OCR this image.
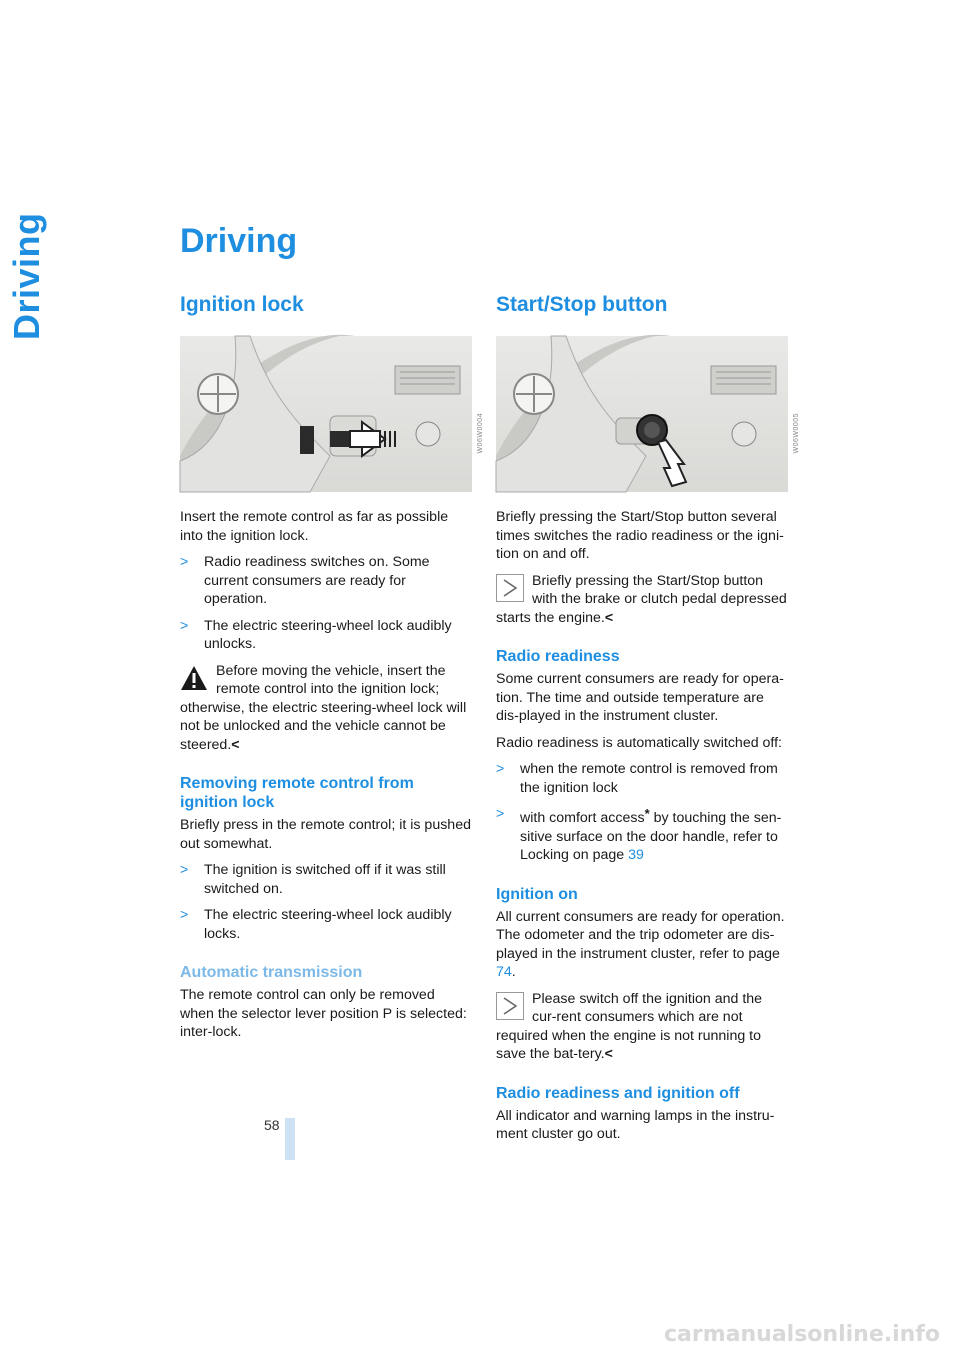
Driving	Driving
Ignition lock
W06W0004

Insert the remote control as far as possible into the ignition lock.

>	Radio readiness switches on. Some current consumers are ready for operation.
>	The electric steering-wheel lock audibly unlocks.
Before moving the vehicle, insert the remote control into the ignition lock; otherwise, the electric steering-wheel lock will not be unlocked and the vehicle cannot be steered.<
Removing remote control from ignition lock

Briefly press in the remote control; it is pushed out somewhat.

>	The ignition is switched off if it was still switched on.
>	The electric steering-wheel lock audibly locks.
Automatic transmission

The remote control can only be removed when the selector lever position P is selected: inter-lock.

Start/Stop button
W06W0005

Briefly pressing the Start/Stop button several times switches the radio readiness or the igni-tion on and off.

Briefly pressing the Start/Stop button with the brake or clutch pedal depressed starts the engine.<
Radio readiness

Some current consumers are ready for opera-tion. The time and outside temperature are dis-played in the instrument cluster.

Radio readiness is automatically switched off:

>	when the remote control is removed from the ignition lock
>	with comfort access* by touching the sen-sitive surface on the door handle, refer to Locking on page 39
Ignition on

All current consumers are ready for operation. The odometer and the trip odometer are dis-played in the instrument cluster, refer to page 74.

Please switch off the ignition and the cur-rent consumers which are not required when the engine is not running to save the bat-tery.<
Radio readiness and ignition off

All indicator and warning lamps in the instru-ment cluster go out.

58
carmanualsonline.info
